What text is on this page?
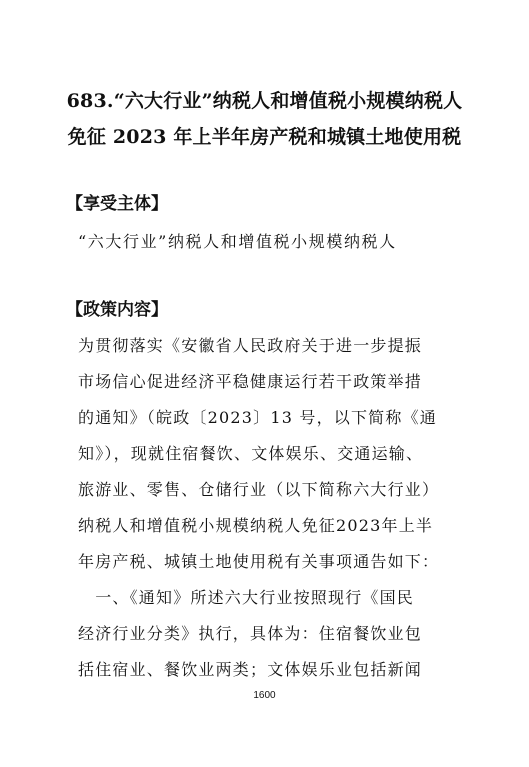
683.“六大行业”纳税人和增值税小规模纳税人
免征 2023 年上半年房产税和城镇土地使用税
【享受主体】
“六大行业”纳税人和增值税小规模纳税人
【政策内容】
为贯彻落实《安徽省人民政府关于进一步提振
市场信心促进经济平稳健康运行若干政策举措
的通知》（皖政〔2023〕13 号，以下简称《通
知》），现就住宿餐饮、文体娱乐、交通运输、
旅游业、零售、仓储行业（以下简称六大行业）
纳税人和增值税小规模纳税人免征2023年上半
年房产税、城镇土地使用税有关事项通告如下：
　一、《通知》所述六大行业按照现行《国民
经济行业分类》执行，具体为：住宿餐饮业包
括住宿业、餐饮业两类；文体娱乐业包括新闻
1600
